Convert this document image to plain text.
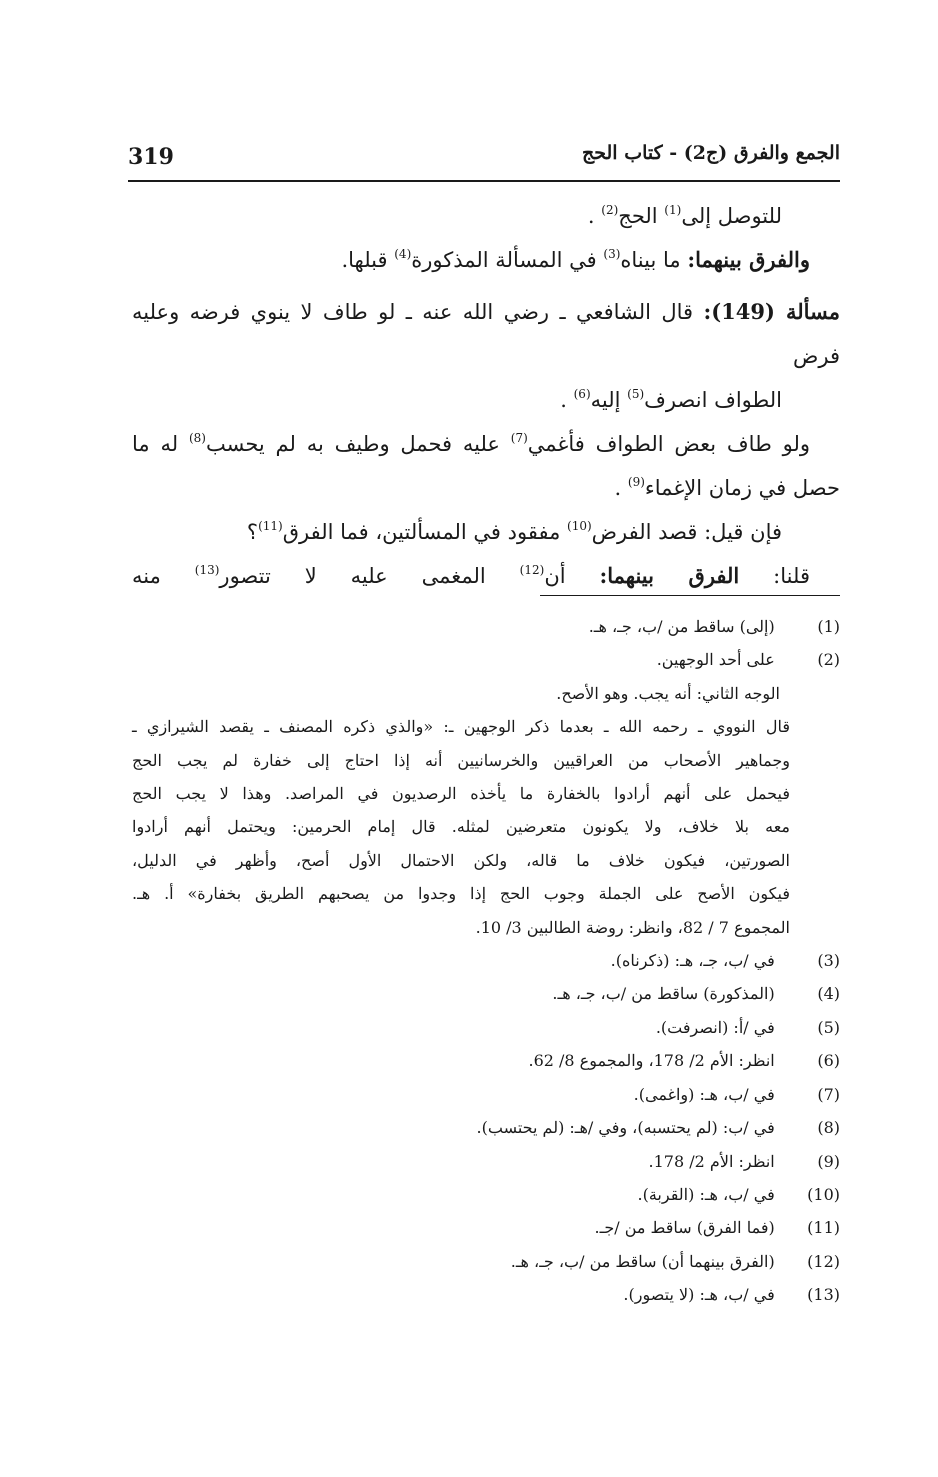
319	الجمع والفرق (ج2) - كتاب الحج
للتوصل إلى$^{(1)}$ الحج$^{(2)}$ .
والفرق بينهما: ما بيناه$^{(3)}$ في المسألة المذكورة$^{(4)}$ قبلها.
مسألة (149): قال الشافعي ـ رضي الله عنه ـ لو طاف لا ينوي فرضه وعليه فرض
الطواف انصرف$^{(5)}$ إليه$^{(6)}$ .
ولو طاف بعض الطواف فأغمي$^{(7)}$ عليه فحمل وطيف به لم يحسب$^{(8)}$ له ما
حصل في زمان الإغماء$^{(9)}$ .
فإن قيل: قصد الفرض$^{(10)}$ مفقود في المسألتين، فما الفرق$^{(11)}$؟
قلنا: الفرق بينهما: أن$^{(12)}$ المغمى عليه لا تتصور$^{(13)}$ منه
(1)   (إلى) ساقط من /ب، جـ، هـ.
(2)   على أحد الوجهين.
الوجه الثاني: أنه يجب. وهو الأصح.
قال النووي ـ رحمه الله ـ بعدما ذكر الوجهين ـ: «والذي ذكره المصنف ـ يقصد الشيرازي ـ
وجماهير الأصحاب من العراقيين والخرسانيين أنه إذا احتاج إلى خفارة لم يجب الحج
فيحمل على أنهم أرادوا بالخفارة ما يأخذه الرصديون في المراصد. وهذا لا يجب الحج
معه بلا خلاف، ولا يكونون متعرضين لمثله. قال إمام الحرمين: ويحتمل أنهم أرادوا
الصورتين، فيكون خلاف ما قاله، ولكن الاحتمال الأول أصح، وأظهر في الدليل،
فيكون الأصح على الجملة وجوب الحج إذا وجدوا من يصحبهم الطريق بخفارة» أ. هـ.
المجموع 7 / 82، وانظر: روضة الطالبين 3/ 10.
(3)   في /ب، جـ، هـ: (ذكرناه).
(4)   (المذكورة) ساقط من /ب، جـ، هـ.
(5)   في /أ: (انصرفت).
(6)   انظر: الأم 2/ 178، والمجموع 8/ 62.
(7)   في /ب، هـ: (واغمى).
(8)   في /ب: (لم يحتسبه)، وفي /هـ: (لم يحتسب).
(9)   انظر: الأم 2/ 178.
(10)   في /ب، هـ: (القربة).
(11)   (فما الفرق) ساقط من /جـ.
(12)   (الفرق بينهما أن) ساقط من /ب، جـ، هـ.
(13)   في /ب، هـ: (لا يتصور).
